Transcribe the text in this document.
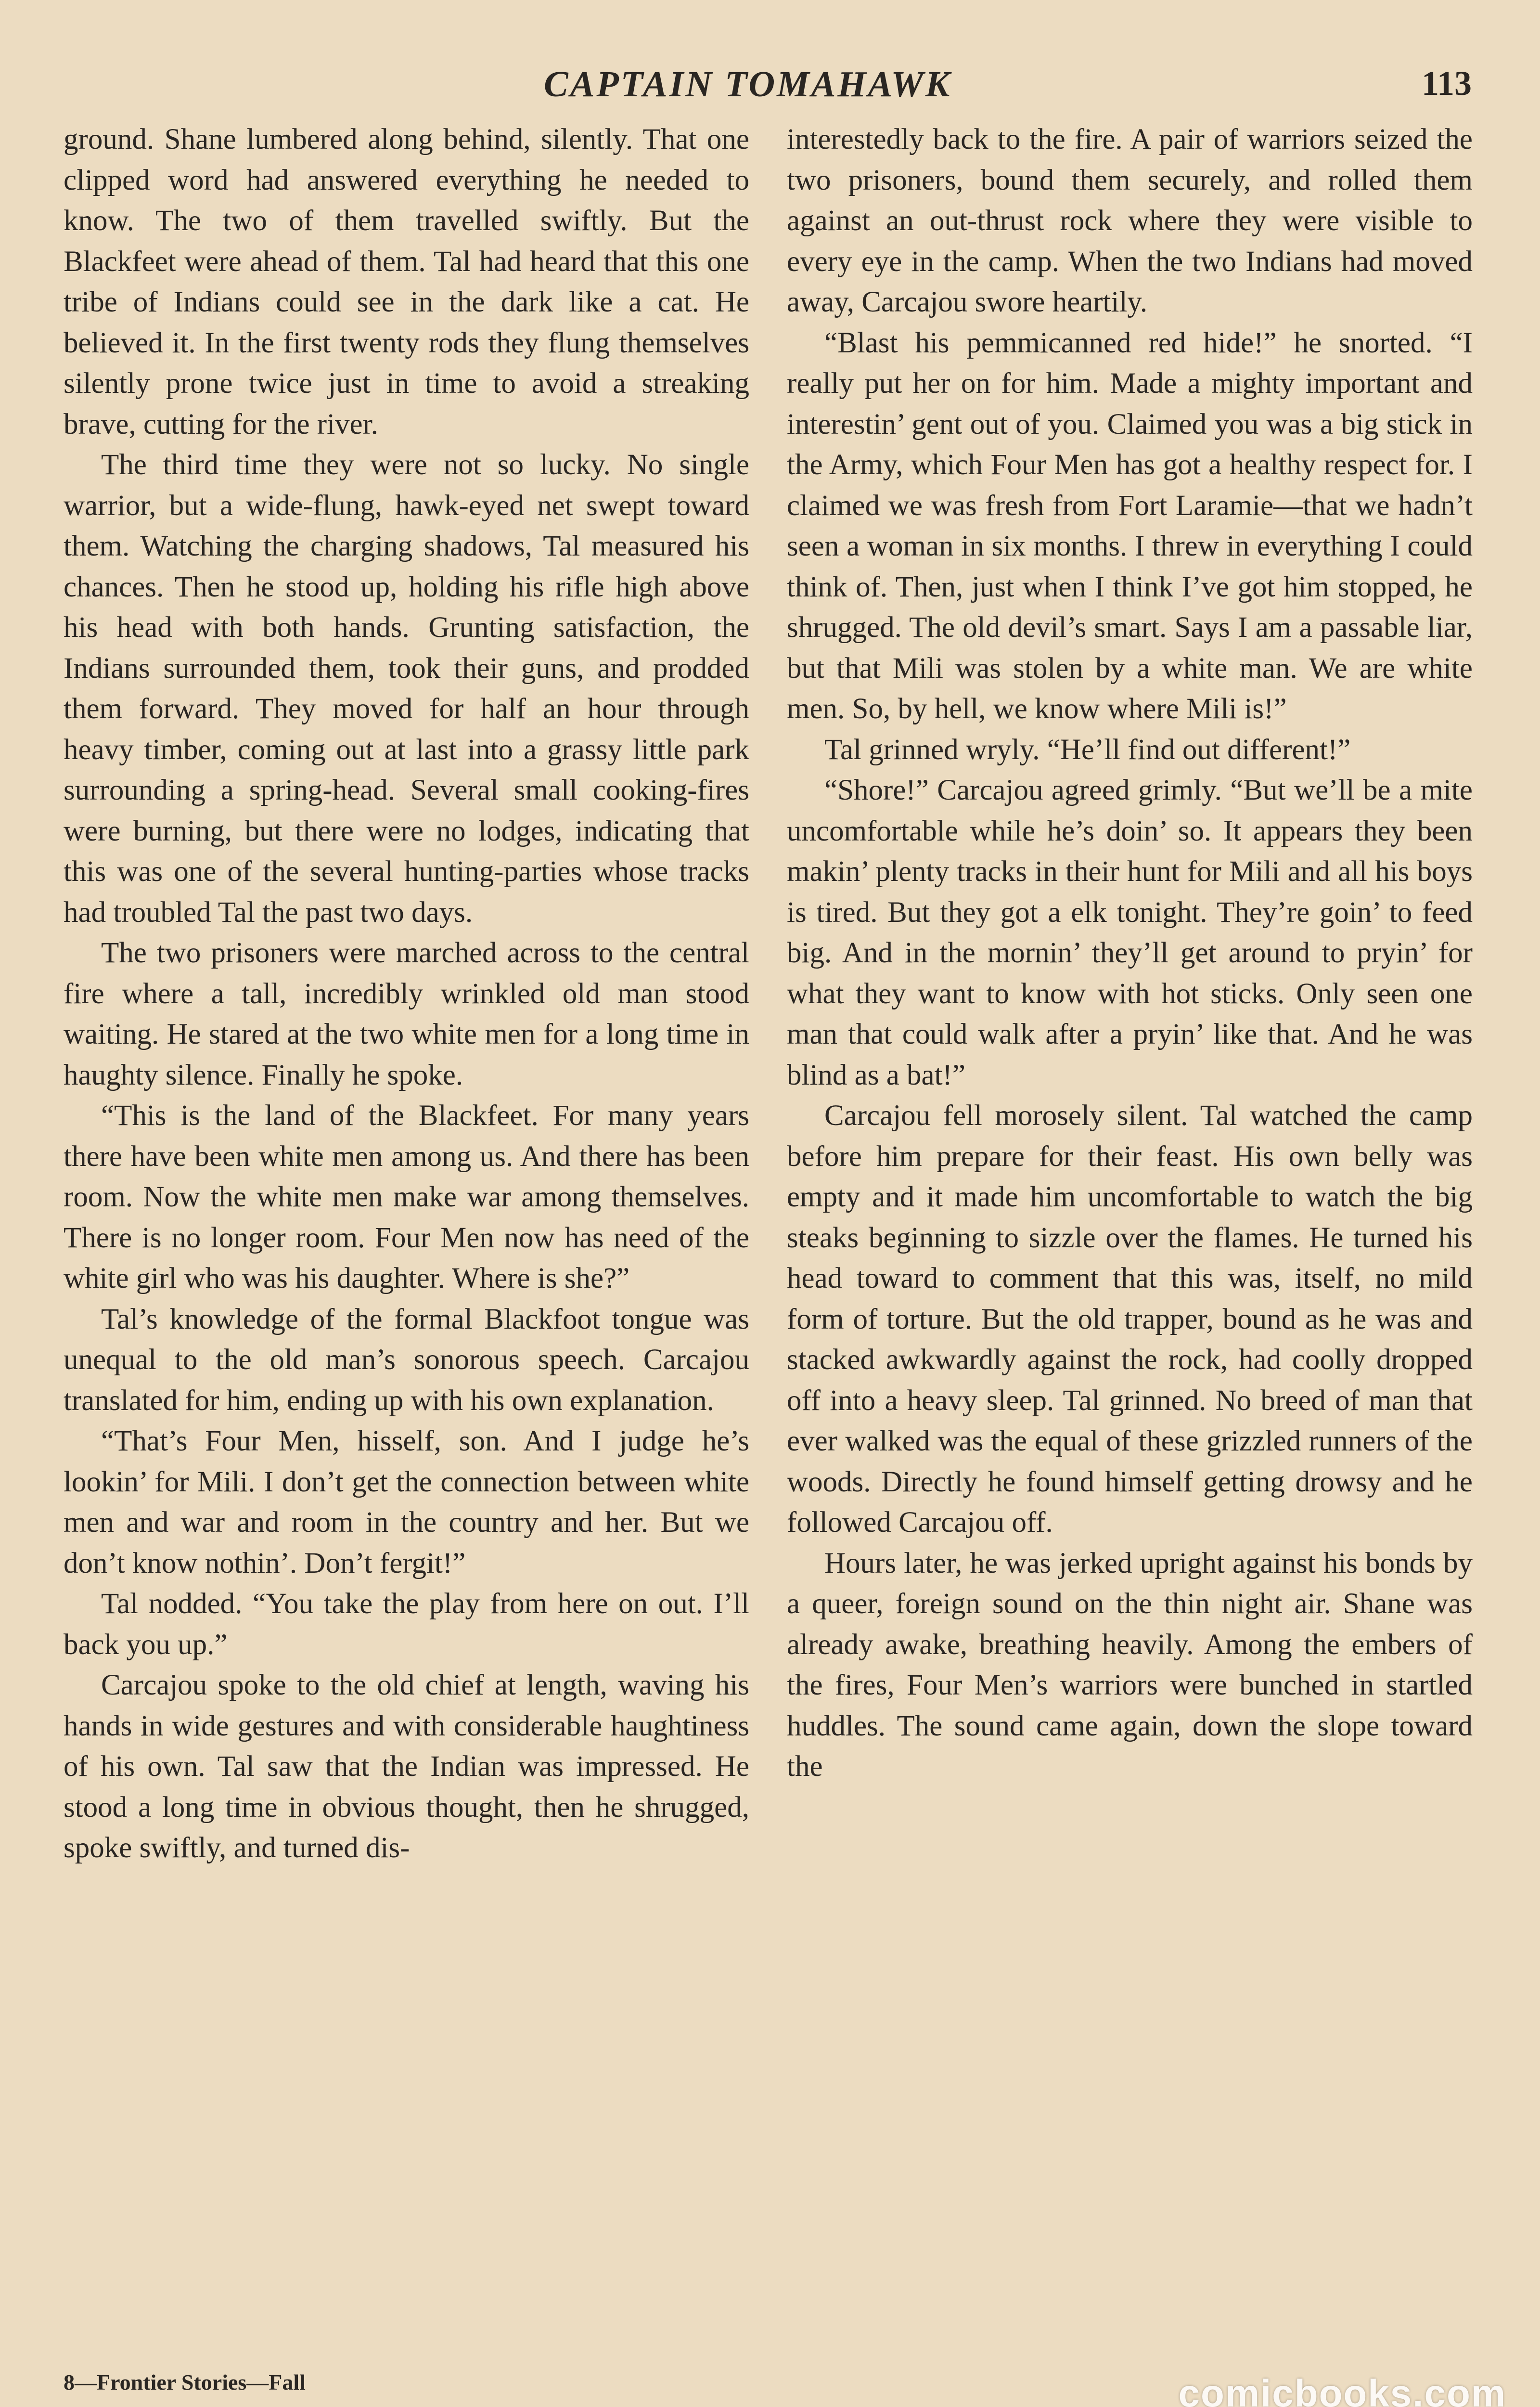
CAPTAIN TOMAHAWK	113

ground. Shane lumbered along behind, silently. That one clipped word had answered everything he needed to know. The two of them travelled swiftly. But the Blackfeet were ahead of them. Tal had heard that this one tribe of Indians could see in the dark like a cat. He believed it. In the first twenty rods they flung themselves silently prone twice just in time to avoid a streaking brave, cutting for the river.

The third time they were not so lucky. No single warrior, but a wide-flung, hawk-eyed net swept toward them. Watching the charging shadows, Tal measured his chances. Then he stood up, holding his rifle high above his head with both hands. Grunting satisfaction, the Indians surrounded them, took their guns, and prodded them forward. They moved for half an hour through heavy timber, coming out at last into a grassy little park surrounding a spring-head. Several small cooking-fires were burning, but there were no lodges, indicating that this was one of the several hunting-parties whose tracks had troubled Tal the past two days.

The two prisoners were marched across to the central fire where a tall, incredibly wrinkled old man stood waiting. He stared at the two white men for a long time in haughty silence. Finally he spoke.

“This is the land of the Blackfeet. For many years there have been white men among us. And there has been room. Now the white men make war among themselves. There is no longer room. Four Men now has need of the white girl who was his daughter. Where is she?”

Tal’s knowledge of the formal Blackfoot tongue was unequal to the old man’s sonorous speech. Carcajou translated for him, ending up with his own explanation.

“That’s Four Men, hisself, son. And I judge he’s lookin’ for Mili. I don’t get the connection between white men and war and room in the country and her. But we don’t know nothin’. Don’t fergit!”

Tal nodded. “You take the play from here on out. I’ll back you up.”

Carcajou spoke to the old chief at length, waving his hands in wide gestures and with considerable haughtiness of his own. Tal saw that the Indian was impressed. He stood a long time in obvious thought, then he shrugged, spoke swiftly, and turned dis-

interestedly back to the fire. A pair of warriors seized the two prisoners, bound them securely, and rolled them against an out-thrust rock where they were visible to every eye in the camp. When the two Indians had moved away, Carcajou swore heartily.

“Blast his pemmicanned red hide!” he snorted. “I really put her on for him. Made a mighty important and interestin’ gent out of you. Claimed you was a big stick in the Army, which Four Men has got a healthy respect for. I claimed we was fresh from Fort Laramie—that we hadn’t seen a woman in six months. I threw in everything I could think of. Then, just when I think I’ve got him stopped, he shrugged. The old devil’s smart. Says I am a passable liar, but that Mili was stolen by a white man. We are white men. So, by hell, we know where Mili is!”

Tal grinned wryly. “He’ll find out different!”

“Shore!” Carcajou agreed grimly. “But we’ll be a mite uncomfortable while he’s doin’ so. It appears they been makin’ plenty tracks in their hunt for Mili and all his boys is tired. But they got a elk tonight. They’re goin’ to feed big. And in the mornin’ they’ll get around to pryin’ for what they want to know with hot sticks. Only seen one man that could walk after a pryin’ like that. And he was blind as a bat!”

Carcajou fell morosely silent. Tal watched the camp before him prepare for their feast. His own belly was empty and it made him uncomfortable to watch the big steaks beginning to sizzle over the flames. He turned his head toward to comment that this was, itself, no mild form of torture. But the old trapper, bound as he was and stacked awkwardly against the rock, had coolly dropped off into a heavy sleep. Tal grinned. No breed of man that ever walked was the equal of these grizzled runners of the woods. Directly he found himself getting drowsy and he followed Carcajou off.

Hours later, he was jerked upright against his bonds by a queer, foreign sound on the thin night air. Shane was already awake, breathing heavily. Among the embers of the fires, Four Men’s warriors were bunched in startled huddles. The sound came again, down the slope toward the

8—Frontier Stories—Fall	comicbooks.com
